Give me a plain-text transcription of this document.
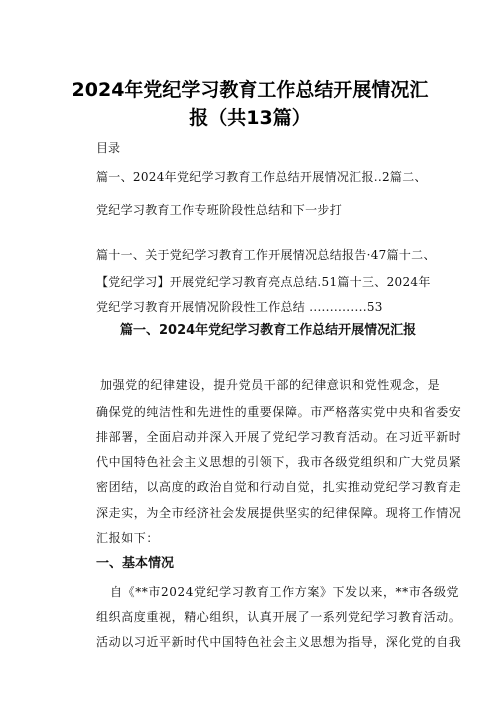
2024年党纪学习教育工作总结开展情况汇
报（共13篇）
目录
篇一、2024年党纪学习教育工作总结开展情况汇报..2篇二、
党纪学习教育工作专班阶段性总结和下一步打
篇十一、关于党纪学习教育工作开展情况总结报告·47篇十二、
【党纪学习】开展党纪学习教育亮点总结.51篇十三、2024年
党纪学习教育开展情况阶段性工作总结 ..............53
篇一、2024年党纪学习教育工作总结开展情况汇报
加强党的纪律建设，提升党员干部的纪律意识和党性观念，是
确保党的纯洁性和先进性的重要保障。市严格落实党中央和省委安
排部署，全面启动并深入开展了党纪学习教育活动。在习近平新时
代中国特色社会主义思想的引领下，我市各级党组织和广大党员紧
密团结，以高度的政治自觉和行动自觉，扎实推动党纪学习教育走
深走实，为全市经济社会发展提供坚实的纪律保障。现将工作情况
汇报如下：
一、基本情况
自《**市2024党纪学习教育工作方案》下发以来，**市各级党
组织高度重视，精心组织，认真开展了一系列党纪学习教育活动。
活动以习近平新时代中国特色社会主义思想为指导，深化党的自我
